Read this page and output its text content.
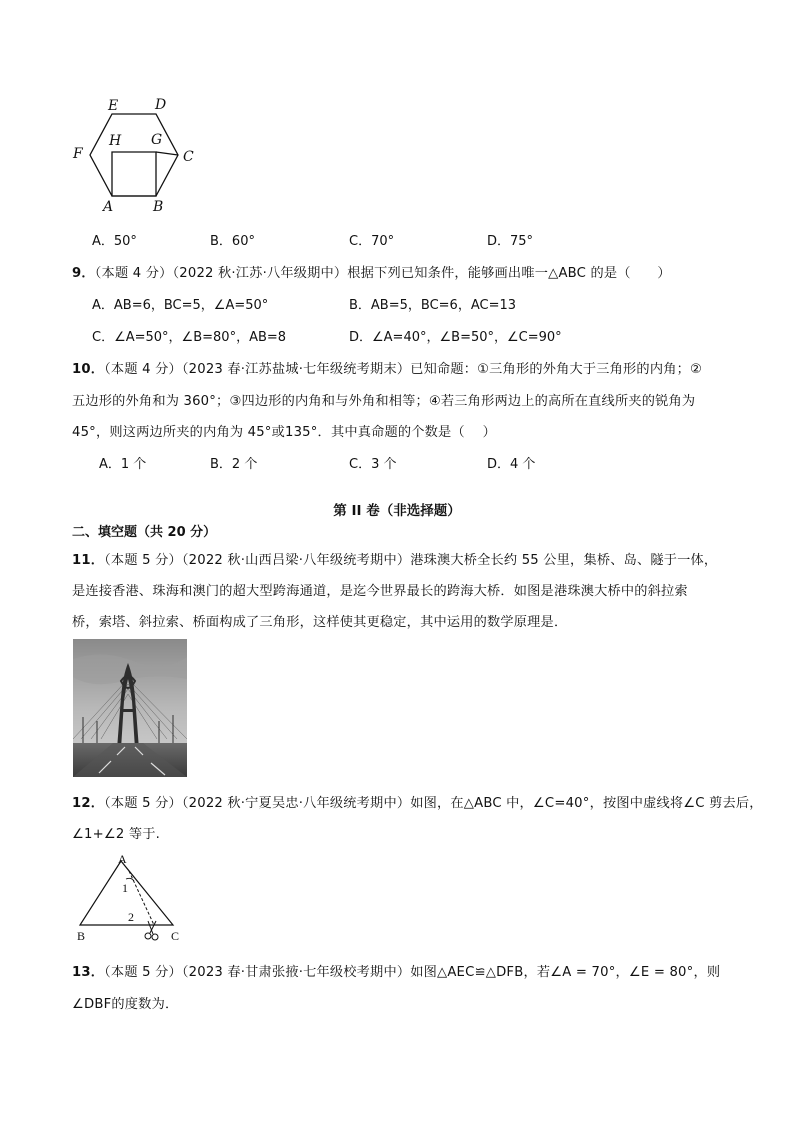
E	D
F
H G
C
A	B
A．50°	B．60°	C．70°	D．75°
9．（本题 4 分）（2022 秋·江苏·八年级期中）根据下列已知条件，能够画出唯一△ABC 的是（　　）
A．AB=6，BC=5，∠A=50°	B．AB=5，BC=6，AC=13
C．∠A=50°，∠B=80°，AB=8	D．∠A=40°，∠B=50°，∠C=90°
10．（本题 4 分）（2023 春·江苏盐城·七年级统考期末）已知命题：①三角形的外角大于三角形的内角；②
五边形的外角和为 360°；③四边形的内角和与外角和相等；④若三角形两边上的高所在直线所夹的锐角为
45°，则这两边所夹的内角为 45°或135°．其中真命题的个数是（　 ）
A．1 个	B．2 个	C．3 个	D．4 个
第 II 卷（非选择题）
二、填空题（共 20 分）
11．（本题 5 分）（2022 秋·山西吕梁·八年级统考期中）港珠澳大桥全长约 55 公里，集桥、岛、隧于一体，
是连接香港、珠海和澳门的超大型跨海通道，是迄今世界最长的跨海大桥．如图是港珠澳大桥中的斜拉索
桥，索塔、斜拉索、桥面构成了三角形，这样使其更稳定，其中运用的数学原理是．
12．（本题 5 分）（2022 秋·宁夏吴忠·八年级统考期中）如图，在△ABC 中，∠C=40°，按图中虚线将∠C 剪去后，
∠1+∠2 等于.
A
1
2
B	C
13．（本题 5 分）（2023 春·甘肃张掖·七年级校考期中）如图△AEC≌△DFB，若∠A = 70°，∠E = 80°，则
∠DBF的度数为．
